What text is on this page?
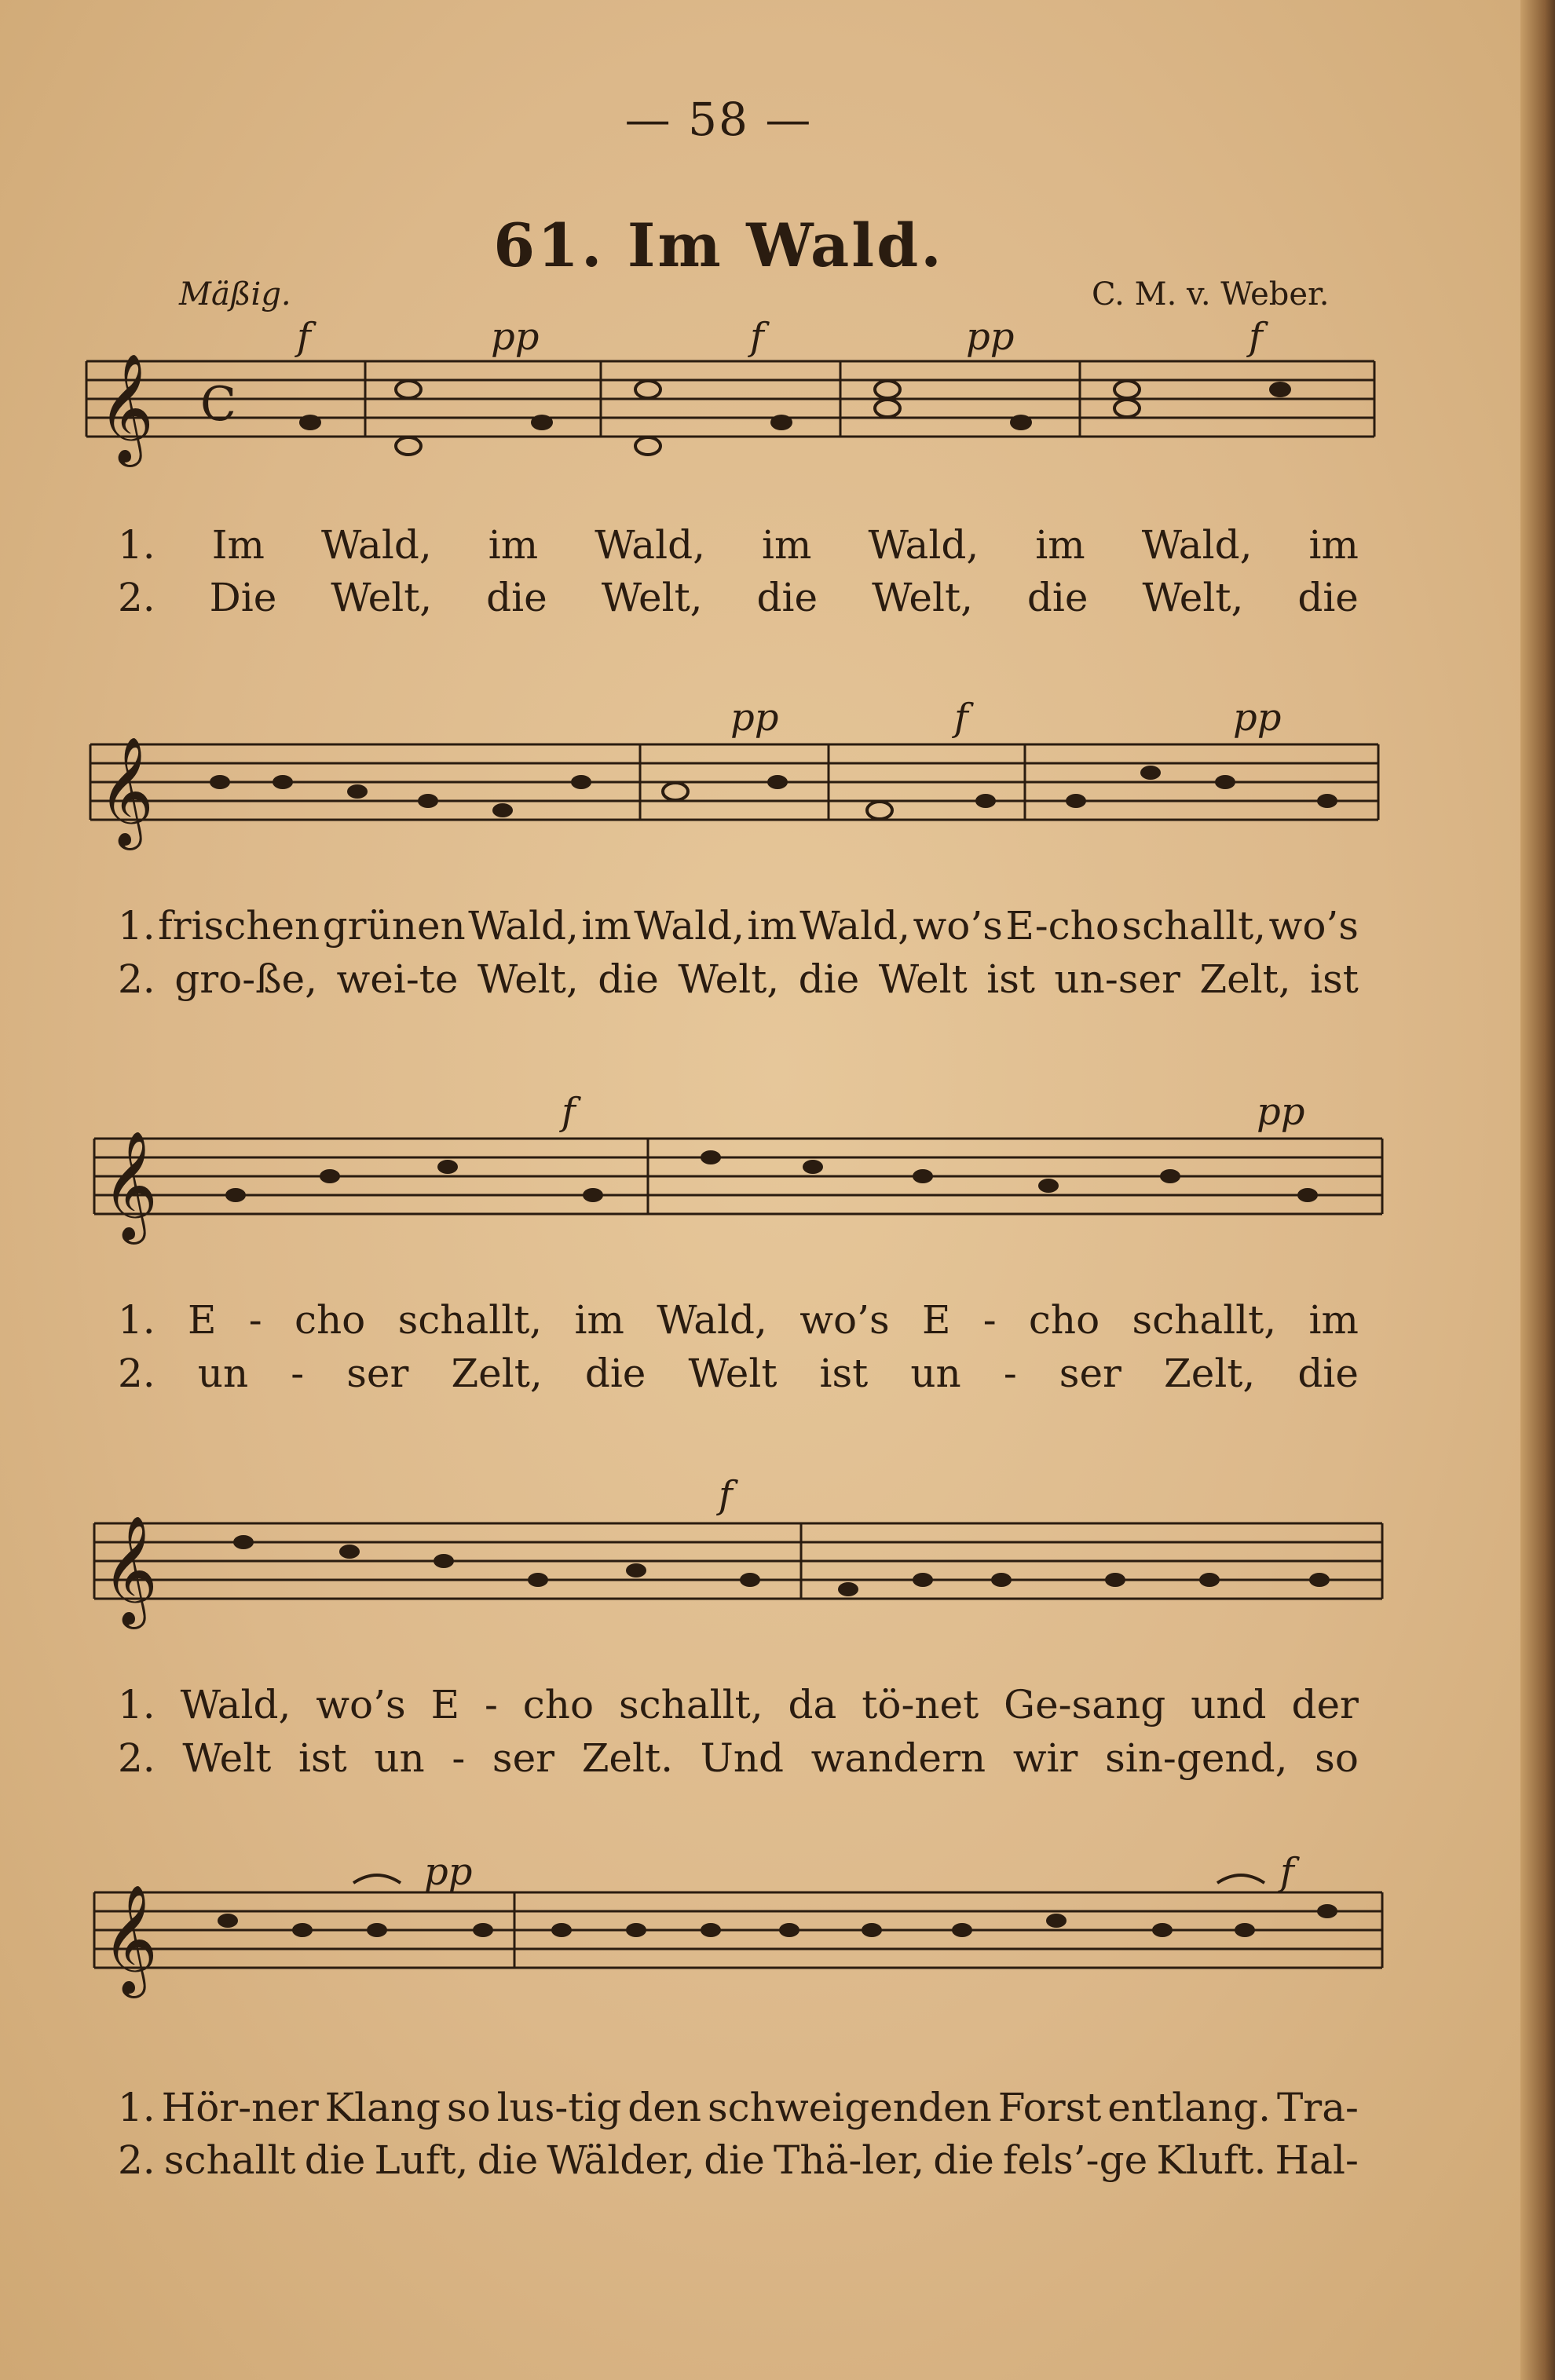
— 58 —
61. Im Wald.
Mäßig.	C. M. v. Weber.
𝄞 C
𝄞
𝄞
𝄞
𝄞
f	pp	f	pp	f
pp	f	pp
f	pp
f
pp	f
1. Im Wald, im Wald, im Wald, im Wald, im
2. Die Welt, die Welt, die Welt, die Welt, die
1. frischen grünen Wald, im Wald, im Wald, wo’s E-cho schallt, wo’s
2. gro-ße, wei-te Welt, die Welt, die Welt ist un-ser Zelt, ist
1. E - cho schallt, im Wald, wo’s E - cho schallt, im
2. un - ser Zelt, die Welt ist un - ser Zelt, die
1. Wald, wo’s E - cho schallt, da tö-net Ge-sang und der
2. Welt ist un - ser Zelt. Und wandern wir sin-gend, so
1. Hör-ner Klang so lus-tig den schweigenden Forst entlang. Tra-
2. schallt die Luft, die Wälder, die Thä-ler, die fels’-ge Kluft. Hal-
